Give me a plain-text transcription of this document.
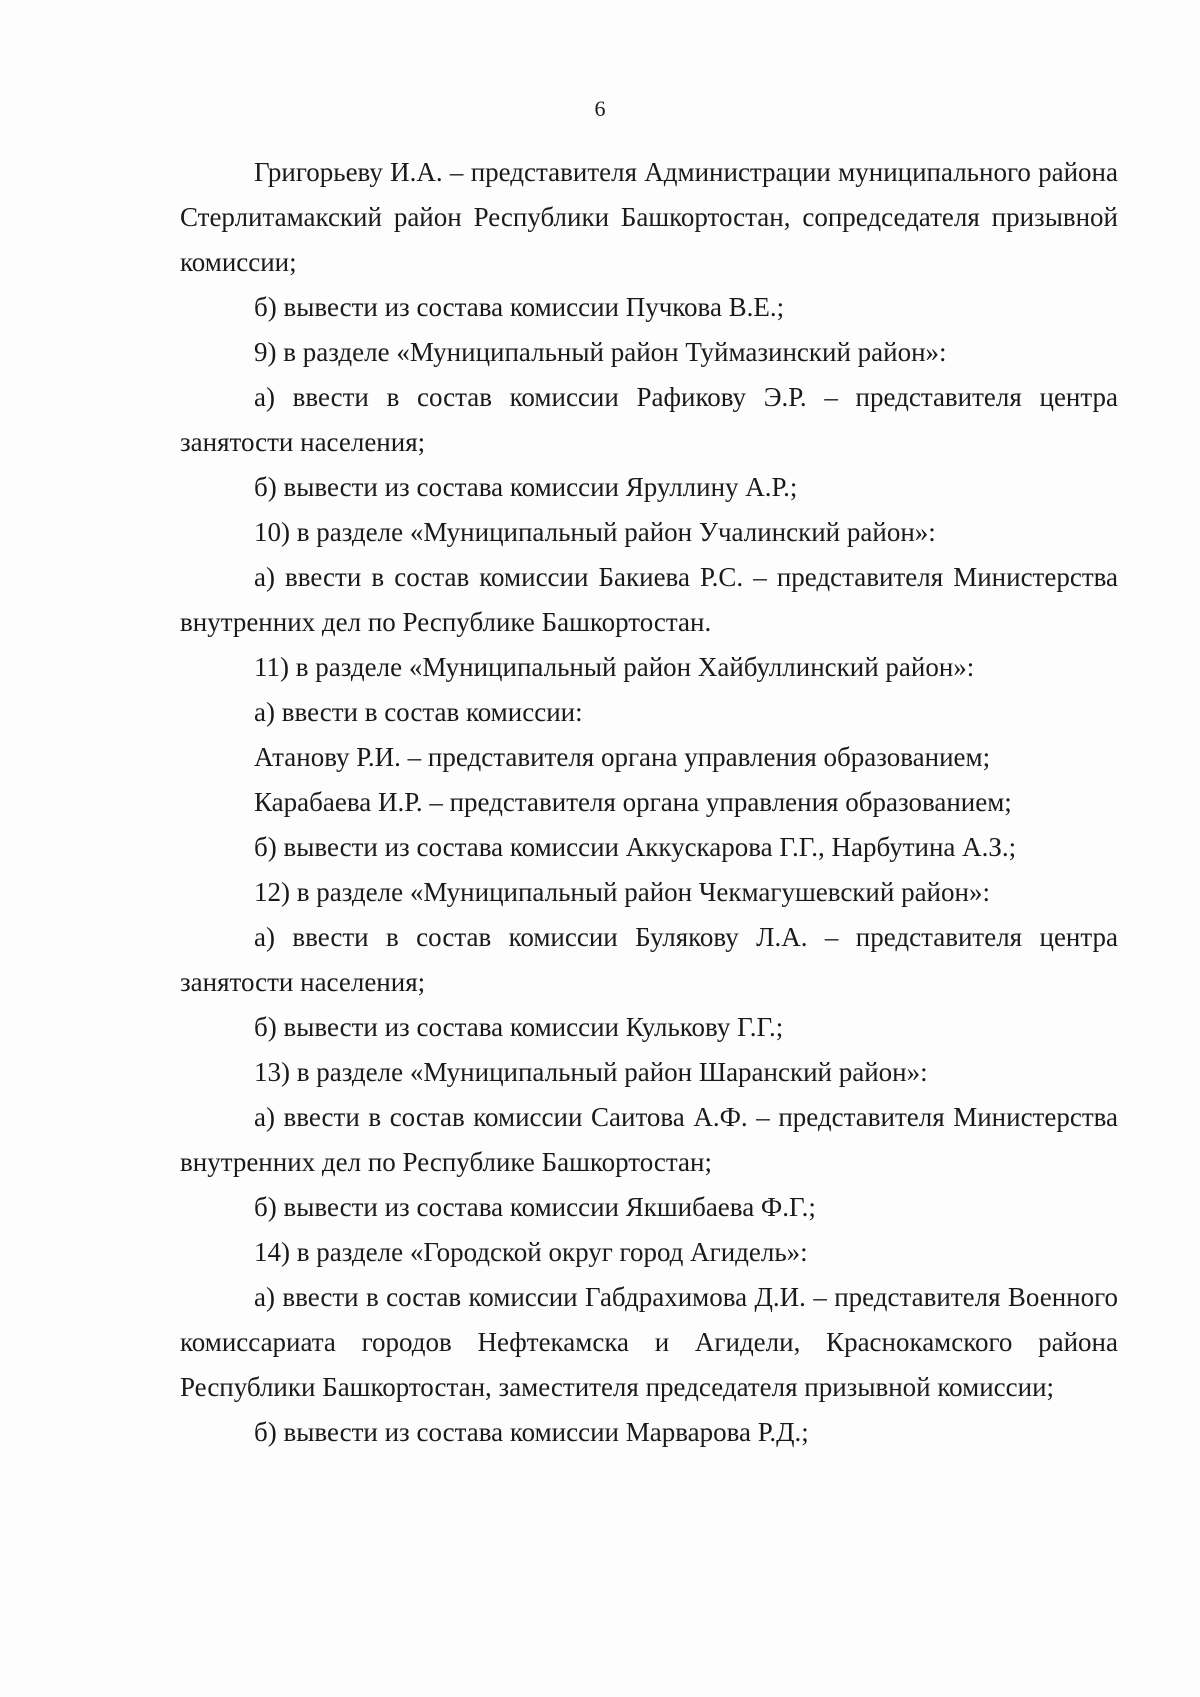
6

Григорьеву И.А. – представителя Администрации муниципального района Стерлитамакский район Республики Башкортостан, сопредседателя призывной комиссии;

б) вывести из состава комиссии Пучкова В.Е.;

9) в разделе «Муниципальный район Туймазинский район»:

а) ввести в состав комиссии Рафикову Э.Р. – представителя центра занятости населения;

б) вывести из состава комиссии Яруллину А.Р.;

10) в разделе «Муниципальный район Учалинский район»:

а) ввести в состав комиссии Бакиева Р.С. – представителя Министерства внутренних дел по Республике Башкортостан.

11) в разделе «Муниципальный район Хайбуллинский район»:

а) ввести в состав комиссии:

Атанову Р.И. – представителя органа управления образованием;

Карабаева И.Р. – представителя органа управления образованием;

б) вывести из состава комиссии Аккускарова Г.Г., Нарбутина А.З.;

12) в разделе «Муниципальный район Чекмагушевский район»:

а) ввести в состав комиссии Булякову Л.А. – представителя центра занятости населения;

б) вывести из состава комиссии Кулькову Г.Г.;

13) в разделе «Муниципальный район Шаранский район»:

а) ввести в состав комиссии Саитова А.Ф. – представителя Министерства внутренних дел по Республике Башкортостан;

б) вывести из состава комиссии Якшибаева Ф.Г.;

14) в разделе «Городской округ город Агидель»:

а) ввести в состав комиссии Габдрахимова Д.И. – представителя Военного комиссариата городов Нефтекамска и Агидели, Краснокамского района Республики Башкортостан, заместителя председателя призывной комиссии;

б) вывести из состава комиссии Марварова Р.Д.;
